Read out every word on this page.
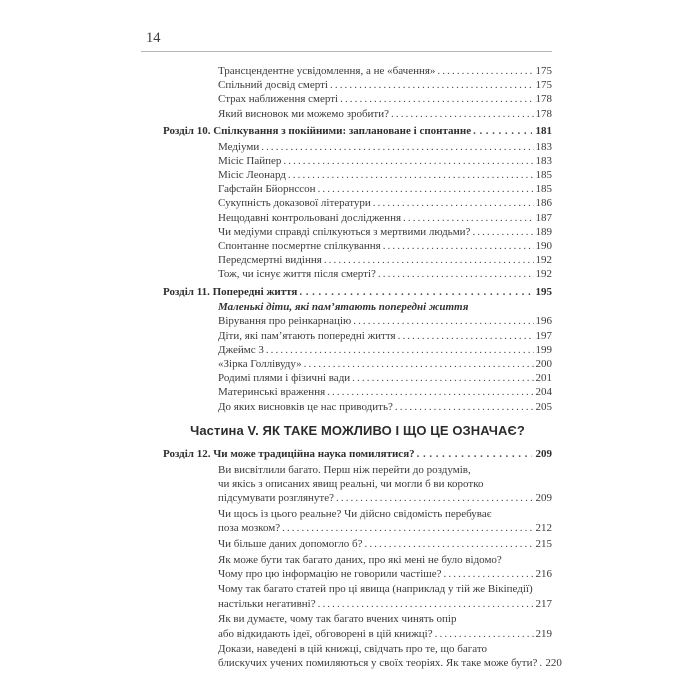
14
Трансцендентне усвідомлення, а не «бачення» .....	175
Спільний досвід смерті .....	175
Страх наближення смерті .....	178
Який висновок ми можемо зробити? .....	178
Розділ 10. Спілкування з покійними: заплановане і спонтанне .....	181
Медіуми .....	183
Місіс Пайпер .....	183
Місіс Леонард .....	185
Гафстайн Бйорнссон .....	185
Сукупність доказової літератури .....	186
Нещодавні контрольовані дослідження .....	187
Чи медіуми справді спілкуються з мертвими людьми? .....	189
Спонтанне посмертне спілкування .....	190
Передсмертні видіння .....	192
Тож, чи існує життя після смерті? .....	192
Розділ 11. Попередні життя .....	195
Маленькі діти, які пам’ятають попередні життя
Вірування про реінкарнацію .....	196
Діти, які пам’ятають попередні життя .....	197
Джеймс 3 .....	199
«Зірка Голлівуду» .....	200
Родимі плями і фізичні вади .....	201
Материнські враження .....	204
До яких висновків це нас приводить? .....	205
Частина V. ЯК ТАКЕ МОЖЛИВО І ЩО ЦЕ ОЗНАЧАЄ?
Розділ 12. Чи може традиційна наука помилятися? .....	209
Ви висвітлили багато. Перш ніж перейти до роздумів,
чи якісь з описаних явищ реальні, чи могли б ви коротко
підсумувати розглянуте? .....	209
Чи щось із цього реальне? Чи дійсно свідомість перебуває
поза мозком? .....	212
Чи більше даних допомогло б? .....	215
Як може бути так багато даних, про які мені не було відомо?
Чому про цю інформацію не говорили частіше? .....	216
Чому так багато статей про ці явища (наприклад у тій же Вікіпедії)
настільки негативні? .....	217
Як ви думаєте, чому так багато вчених чинять опір
або відкидають ідеї, обговорені в цій книжці? .....	219
Докази, наведені в цій книжці, свідчать про те, що багато
блискучих учених помиляються у своїх теоріях. Як таке може бути? ..... 220
